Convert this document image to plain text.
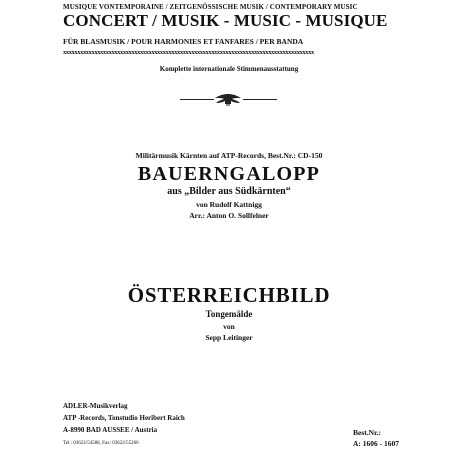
MUSIQUE VONTEMPORAINE / ZEITGENÖSSISCHE MUSIK / CONTEMPORARY MUSIC
CONCERT / MUSIK - MUSIC - MUSIQUE
FÜR BLASMUSIK / POUR HARMONIES ET FANFARES / PER BANDA
xxxxxxxxxxxxxxxxxxxxxxxxxxxxxxxxxxxxxxxxxxxxxxxxxxxxxxxxxxxxxxxxxxxxxxxxxxxxxxxxxxxxxxxx
Komplette internationale Stimmenausstattung
Militärmusik Kärnten auf ATP-Records, Best.Nr.: CD-150
BAUERNGALOPP
aus „Bilder aus Südkärnten“
von Rudolf Kattnigg
Arr.: Anton O. Sollfelner
ÖSTERREICHBILD
Tongemälde
von
Sepp Leitinger
ADLER-Musikverlag
ATP -Records, Tonstudio Heribert Raich
A-8990 BAD AUSSEE / Austria
Tel.: 03622/54588, Fax: 03622/55266
Best.Nr.:
A: 1606 - 1607
